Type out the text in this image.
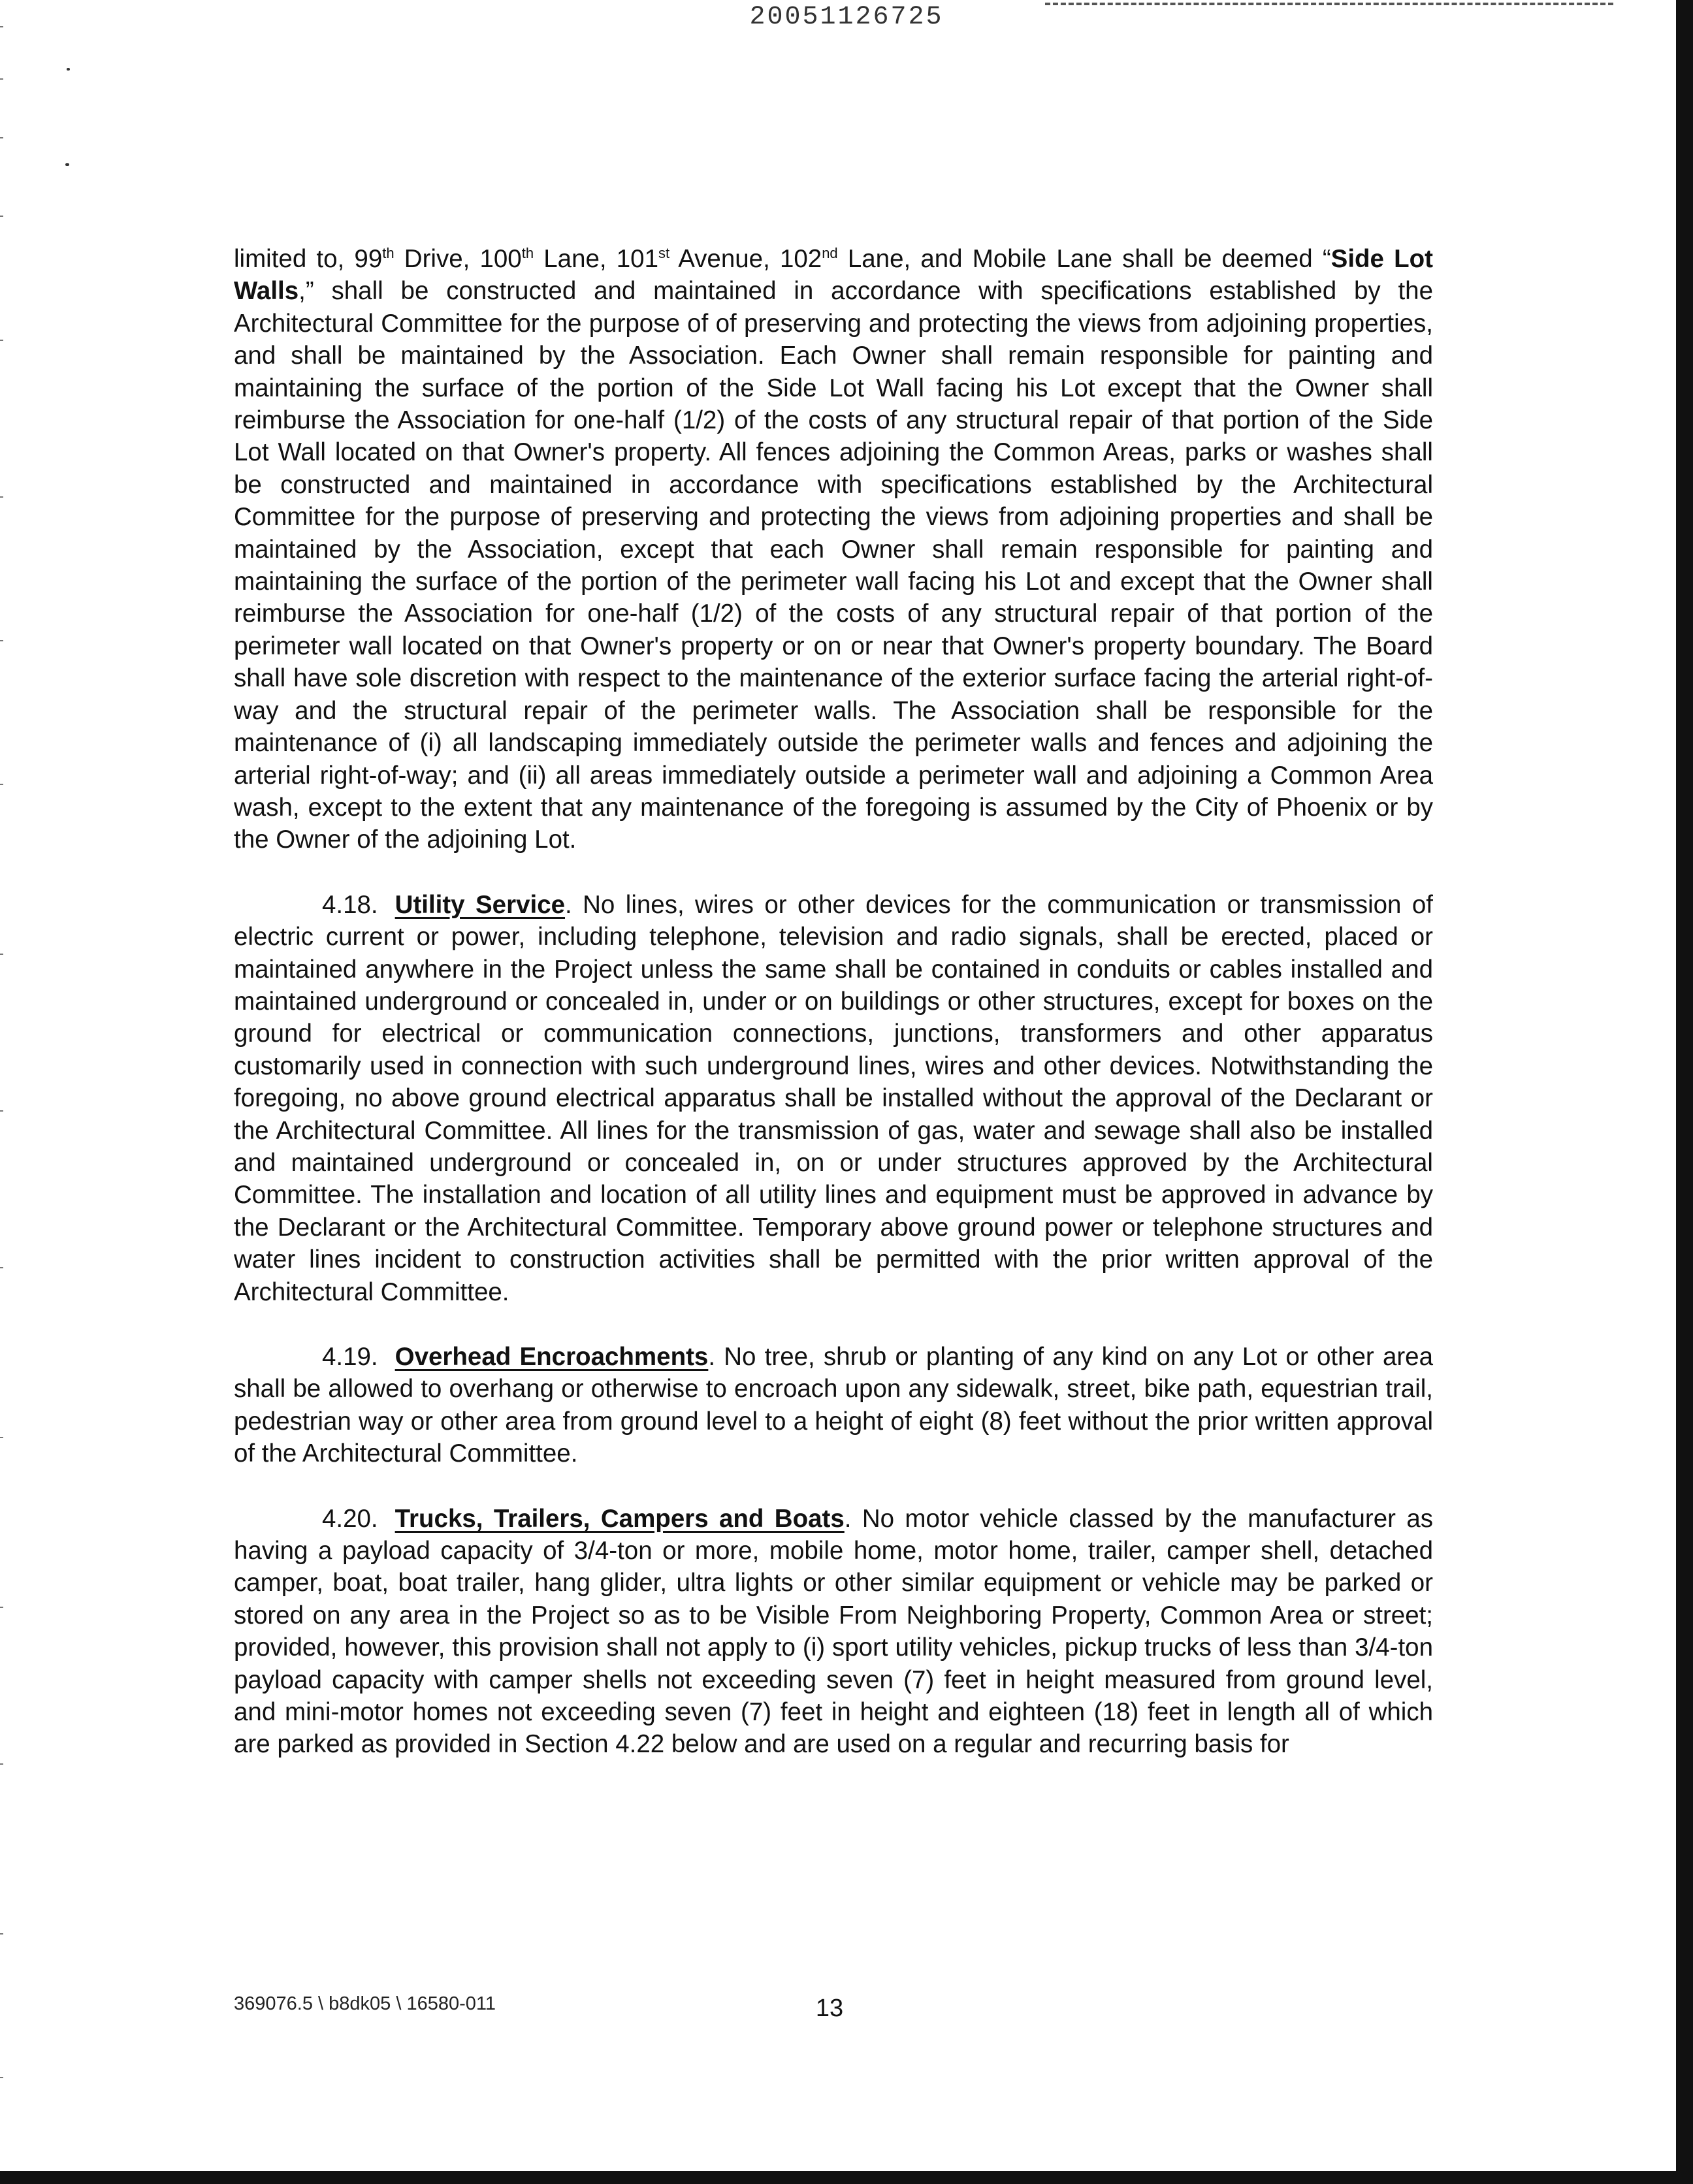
20051126725

limited to, 99th Drive, 100th Lane, 101st Avenue, 102nd Lane, and Mobile Lane shall be deemed “Side Lot Walls,” shall be constructed and maintained in accordance with specifications established by the Architectural Committee for the purpose of of preserving and protecting the views from adjoining properties, and shall be maintained by the Association. Each Owner shall remain responsible for painting and maintaining the surface of the portion of the Side Lot Wall facing his Lot except that the Owner shall reimburse the Association for one-half (1/2) of the costs of any structural repair of that portion of the Side Lot Wall located on that Owner's property. All fences adjoining the Common Areas, parks or washes shall be constructed and maintained in accordance with specifications established by the Architectural Committee for the purpose of preserving and protecting the views from adjoining properties and shall be maintained by the Association, except that each Owner shall remain responsible for painting and maintaining the surface of the portion of the perimeter wall facing his Lot and except that the Owner shall reimburse the Association for one-half (1/2) of the costs of any structural repair of that portion of the perimeter wall located on that Owner's property or on or near that Owner's property boundary. The Board shall have sole discretion with respect to the maintenance of the exterior surface facing the arterial right-of-way and the structural repair of the perimeter walls. The Association shall be responsible for the maintenance of (i) all landscaping immediately outside the perimeter walls and fences and adjoining the arterial right-of-way; and (ii) all areas immediately outside a perimeter wall and adjoining a Common Area wash, except to the extent that any maintenance of the foregoing is assumed by the City of Phoenix or by the Owner of the adjoining Lot.

4.18. Utility Service. No lines, wires or other devices for the communication or transmission of electric current or power, including telephone, television and radio signals, shall be erected, placed or maintained anywhere in the Project unless the same shall be contained in conduits or cables installed and maintained underground or concealed in, under or on buildings or other structures, except for boxes on the ground for electrical or communication connections, junctions, transformers and other apparatus customarily used in connection with such underground lines, wires and other devices. Notwithstanding the foregoing, no above ground electrical apparatus shall be installed without the approval of the Declarant or the Architectural Committee. All lines for the transmission of gas, water and sewage shall also be installed and maintained underground or concealed in, on or under structures approved by the Architectural Committee. The installation and location of all utility lines and equipment must be approved in advance by the Declarant or the Architectural Committee. Temporary above ground power or telephone structures and water lines incident to construction activities shall be permitted with the prior written approval of the Architectural Committee.

4.19. Overhead Encroachments. No tree, shrub or planting of any kind on any Lot or other area shall be allowed to overhang or otherwise to encroach upon any sidewalk, street, bike path, equestrian trail, pedestrian way or other area from ground level to a height of eight (8) feet without the prior written approval of the Architectural Committee.

4.20. Trucks, Trailers, Campers and Boats. No motor vehicle classed by the manufacturer as having a payload capacity of 3/4-ton or more, mobile home, motor home, trailer, camper shell, detached camper, boat, boat trailer, hang glider, ultra lights or other similar equipment or vehicle may be parked or stored on any area in the Project so as to be Visible From Neighboring Property, Common Area or street; provided, however, this provision shall not apply to (i) sport utility vehicles, pickup trucks of less than 3/4-ton payload capacity with camper shells not exceeding seven (7) feet in height measured from ground level, and mini-motor homes not exceeding seven (7) feet in height and eighteen (18) feet in length all of which are parked as provided in Section 4.22 below and are used on a regular and recurring basis for

369076.5 \ b8dk05 \ 16580-011	13
